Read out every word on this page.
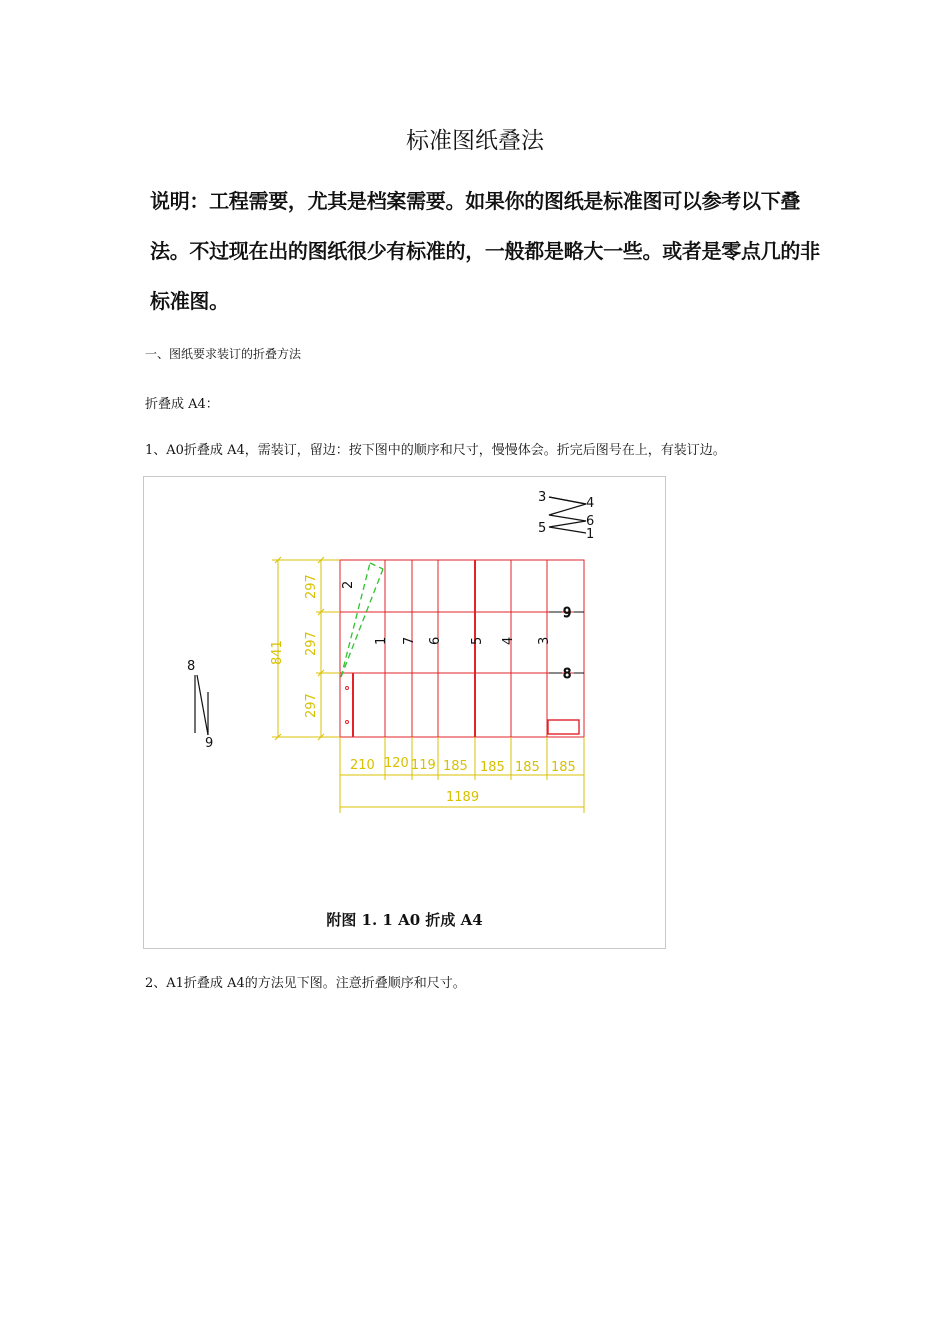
标准图纸叠法
说明：工程需要，尤其是档案需要。如果你的图纸是标准图可以参考以下叠法。不过现在出的图纸很少有标准的，一般都是略大一些。或者是零点几的非标准图。
一、图纸要求装订的折叠方法
折叠成 A4：
1、A0折叠成 A4，需装订，留边：按下图中的顺序和尺寸，慢慢体会。折完后图号在上，有装订边。
3	4
5	6
1
8
9
9
8
2
1 7 6 5 4 3
841
297
297
297
210 120 119 185 185 185 185
1189
附图 1. 1 A0 折成 A4
2、A1折叠成 A4的方法见下图。注意折叠顺序和尺寸。
